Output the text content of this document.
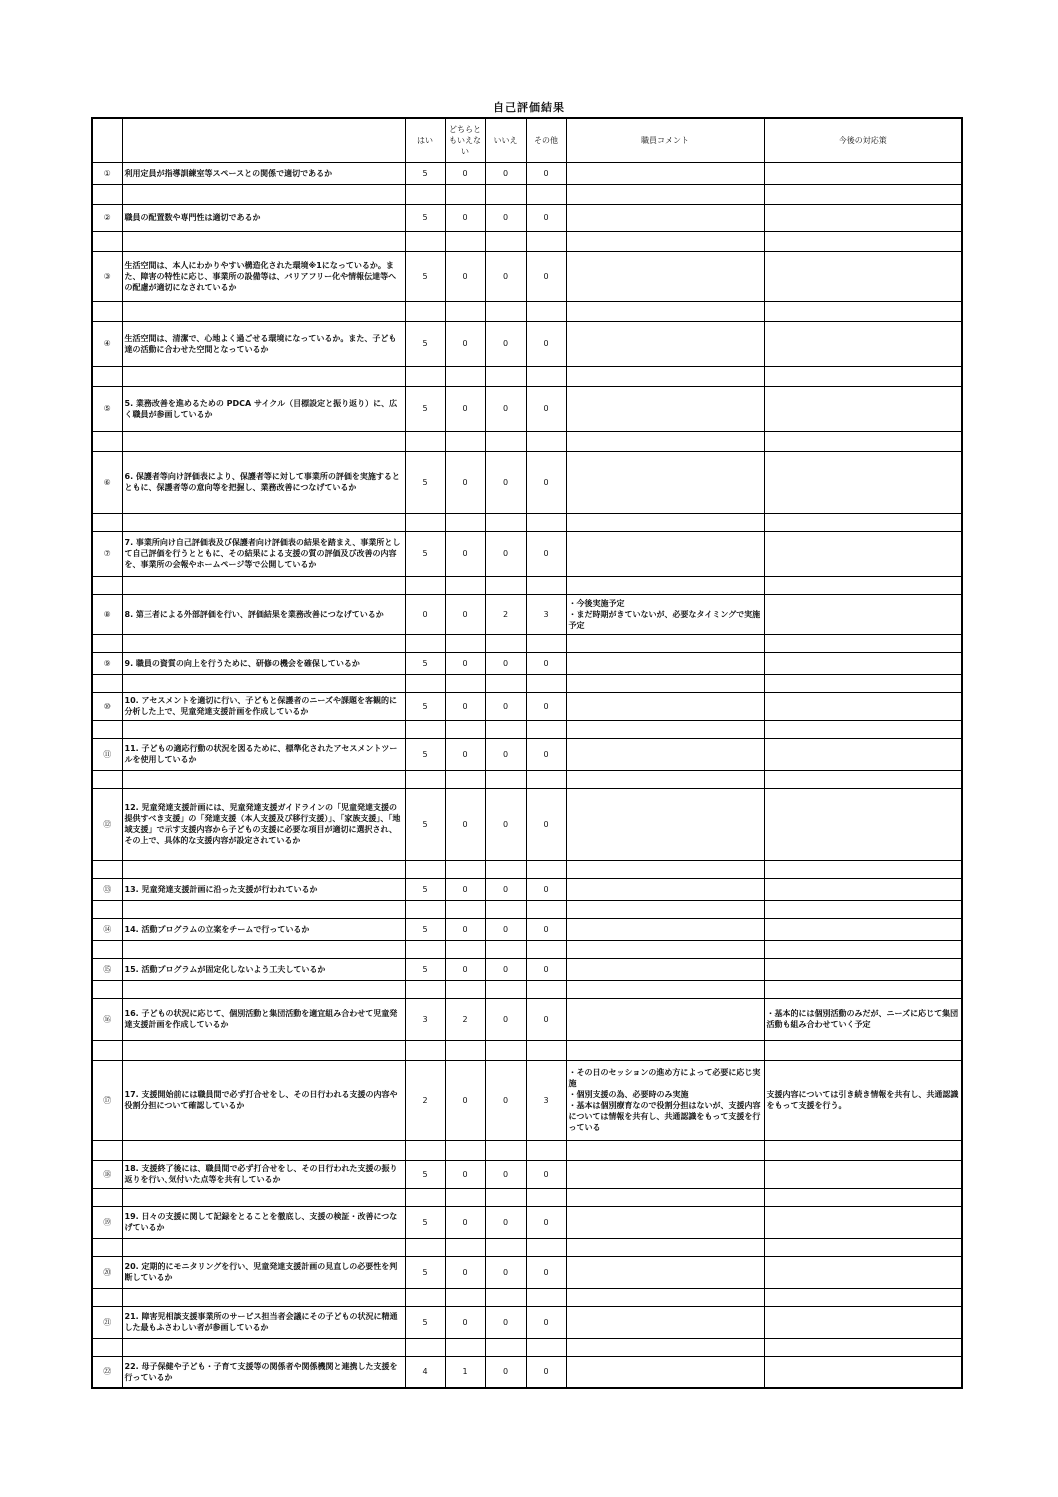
自己評価結果
		はい	どちらともいえない	いいえ	その他	職員コメント	今後の対応策
①	利用定員が指導訓練室等スペースとの関係で適切であるか	5	0	0	0		

②	職員の配置数や専門性は適切であるか	5	0	0	0		

③	生活空間は、本人にわかりやすい構造化された環境※1になっているか。また、障害の特性に応じ、事業所の設備等は、バリアフリー化や情報伝達等への配慮が適切になされているか	5	0	0	0		

④	生活空間は、清潔で、心地よく過ごせる環境になっているか。また、子ども達の活動に合わせた空間となっているか	5	0	0	0		

⑤	5. 業務改善を進めるための PDCA サイクル（目標設定と振り返り）に、広く職員が参画しているか	5	0	0	0		

⑥	6. 保護者等向け評価表により、保護者等に対して事業所の評価を実施するとともに、保護者等の意向等を把握し、業務改善につなげているか	5	0	0	0		

⑦	7. 事業所向け自己評価表及び保護者向け評価表の結果を踏まえ、事業所として自己評価を行うとともに、その結果による支援の質の評価及び改善の内容を、事業所の会報やホームページ等で公開しているか	5	0	0	0		

⑧	8. 第三者による外部評価を行い、評価結果を業務改善につなげているか	0	0	2	3	・今後実施予定
・まだ時期がきていないが、必要なタイミングで実施予定	

⑨	9. 職員の資質の向上を行うために、研修の機会を確保しているか	5	0	0	0		

⑩	10. アセスメントを適切に行い、子どもと保護者のニーズや課題を客観的に分析した上で、児童発達支援計画を作成しているか	5	0	0	0		

⑪	11. 子どもの適応行動の状況を図るために、標準化されたアセスメントツールを使用しているか	5	0	0	0		

⑫	12. 児童発達支援計画には、児童発達支援ガイドラインの「児童発達支援の提供すべき支援」の「発達支援（本人支援及び移行支援）」、「家族支援」、「地域支援」で示す支援内容から子どもの支援に必要な項目が適切に選択され、その上で、具体的な支援内容が設定されているか	5	0	0	0		

⑬	13. 児童発達支援計画に沿った支援が行われているか	5	0	0	0		

⑭	14. 活動プログラムの立案をチームで行っているか	5	0	0	0		

⑮	15. 活動プログラムが固定化しないよう工夫しているか	5	0	0	0		

⑯	16. 子どもの状況に応じて、個別活動と集団活動を適宜組み合わせて児童発達支援計画を作成しているか	3	2	0	0		・基本的には個別活動のみだが、ニーズに応じて集団活動も組み合わせていく予定

⑰	17. 支援開始前には職員間で必ず打合せをし、その日行われる支援の内容や役割分担について確認しているか	2	0	0	3	・その日のセッションの進め方によって必要に応じ実施
・個別支援の為、必要時のみ実施
・基本は個別療育なので役割分担はないが、支援内容については情報を共有し、共通認識をもって支援を行っている	支援内容については引き続き情報を共有し、共通認識をもって支援を行う。

⑱	18. 支援終了後には、職員間で必ず打合せをし、その日行われた支援の振り返りを行い､気付いた点等を共有しているか	5	0	0	0		

⑲	19. 日々の支援に関して記録をとることを徹底し、支援の検証・改善につなげているか	5	0	0	0		

⑳	20. 定期的にモニタリングを行い、児童発達支援計画の見直しの必要性を判断しているか	5	0	0	0		

㉑	21. 障害児相談支援事業所のサービス担当者会議にその子どもの状況に精通した最もふさわしい者が参画しているか	5	0	0	0		

㉒	22. 母子保健や子ども・子育て支援等の関係者や関係機関と連携した支援を行っているか	4	1	0	0		
